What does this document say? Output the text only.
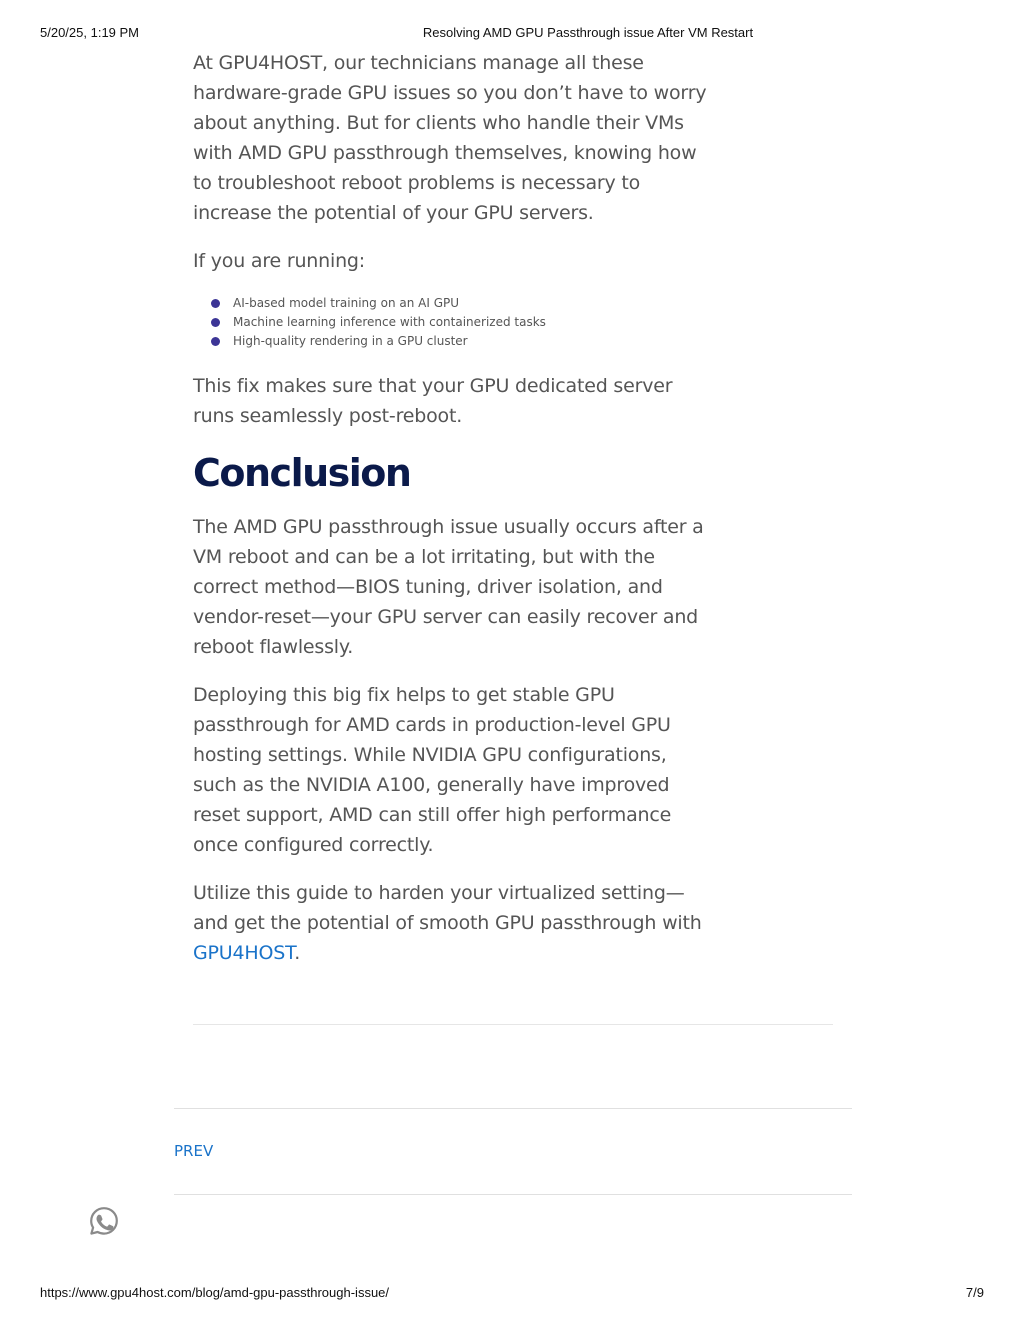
5/20/25, 1:19 PM	Resolving AMD GPU Passthrough issue After VM Restart

At GPU4HOST, our technicians manage all these hardware-grade GPU issues so you don’t have to worry about anything. But for clients who handle their VMs with AMD GPU passthrough themselves, knowing how to troubleshoot reboot problems is necessary to increase the potential of your GPU servers.

If you are running:

AI-based model training on an AI GPU
Machine learning inference with containerized tasks
High-quality rendering in a GPU cluster

This fix makes sure that your GPU dedicated server runs seamlessly post-reboot.

Conclusion

The AMD GPU passthrough issue usually occurs after a VM reboot and can be a lot irritating, but with the correct method—BIOS tuning, driver isolation, and vendor-reset—your GPU server can easily recover and reboot flawlessly.

Deploying this big fix helps to get stable GPU passthrough for AMD cards in production-level GPU hosting settings. While NVIDIA GPU configurations, such as the NVIDIA A100, generally have improved reset support, AMD can still offer high performance once configured correctly.

Utilize this guide to harden your virtualized setting—and get the potential of smooth GPU passthrough with GPU4HOST.

PREV
https://www.gpu4host.com/blog/amd-gpu-passthrough-issue/	7/9
